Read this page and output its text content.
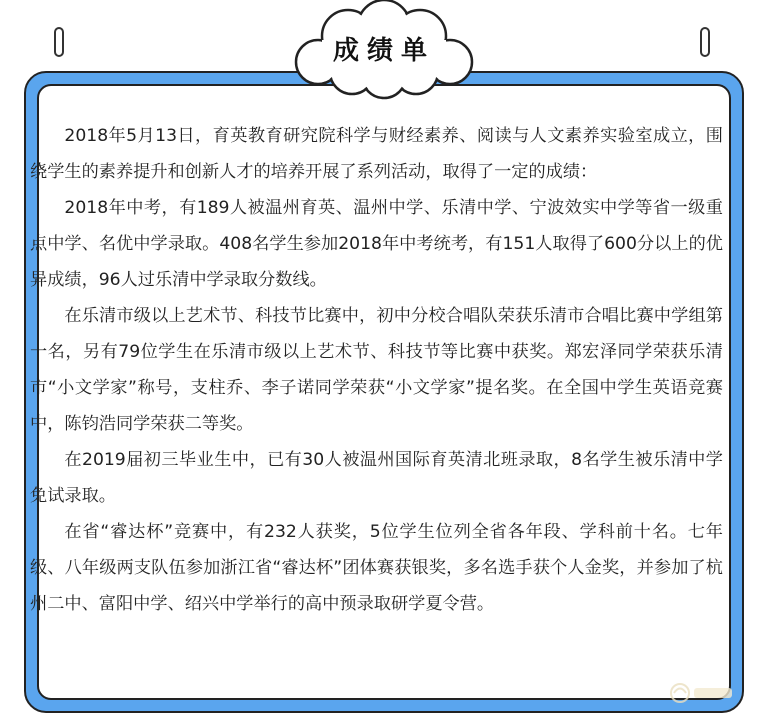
成绩单

2018年5月13日，育英教育研究院科学与财经素养、阅读与人文素养实验室成立，围绕学生的素养提升和创新人才的培养开展了系列活动，取得了一定的成绩：

2018年中考，有189人被温州育英、温州中学、乐清中学、宁波效实中学等省一级重点中学、名优中学录取。408名学生参加2018年中考统考，有151人取得了600分以上的优异成绩，96人过乐清中学录取分数线。

在乐清市级以上艺术节、科技节比赛中，初中分校合唱队荣获乐清市合唱比赛中学组第一名，另有79位学生在乐清市级以上艺术节、科技节等比赛中获奖。郑宏泽同学荣获乐清市“小文学家”称号，支柱乔、李子诺同学荣获“小文学家”提名奖。在全国中学生英语竞赛中，陈钧浩同学荣获二等奖。

在2019届初三毕业生中，已有30人被温州国际育英清北班录取，8名学生被乐清中学免试录取。

在省“睿达杯”竞赛中，有232人获奖，5位学生位列全省各年段、学科前十名。七年级、八年级两支队伍参加浙江省“睿达杯”团体赛获银奖，多名选手获个人金奖，并参加了杭州二中、富阳中学、绍兴中学举行的高中预录取研学夏令营。
